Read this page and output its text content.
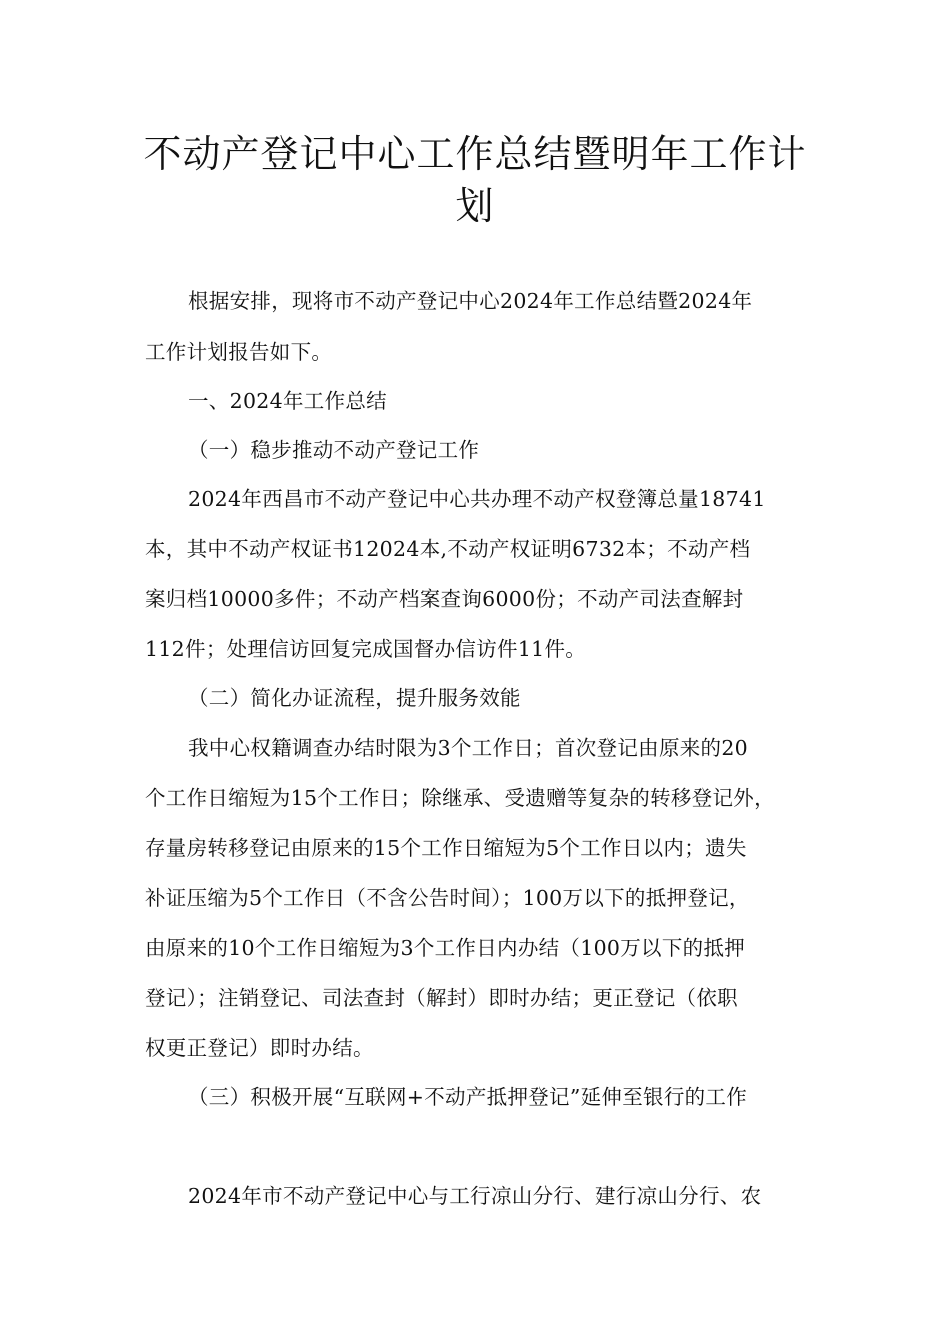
不动产登记中心工作总结暨明年工作计
划

根据安排，现将市不动产登记中心2024年工作总结暨2024年

工作计划报告如下。

一、2024年工作总结

（一）稳步推动不动产登记工作

2024年西昌市不动产登记中心共办理不动产权登簿总量18741

本，其中不动产权证书12024本,不动产权证明6732本；不动产档

案归档10000多件；不动产档案查询6000份；不动产司法查解封

112件；处理信访回复完成国督办信访件11件。

（二）简化办证流程，提升服务效能

我中心权籍调查办结时限为3个工作日；首次登记由原来的20

个工作日缩短为15个工作日；除继承、受遗赠等复杂的转移登记外，

存量房转移登记由原来的15个工作日缩短为5个工作日以内；遗失

补证压缩为5个工作日（不含公告时间）；100万以下的抵押登记，

由原来的10个工作日缩短为3个工作日内办结（100万以下的抵押

登记）；注销登记、司法查封（解封）即时办结；更正登记（依职

权更正登记）即时办结。

（三）积极开展“互联网+不动产抵押登记”延伸至银行的工作

2024年市不动产登记中心与工行凉山分行、建行凉山分行、农
